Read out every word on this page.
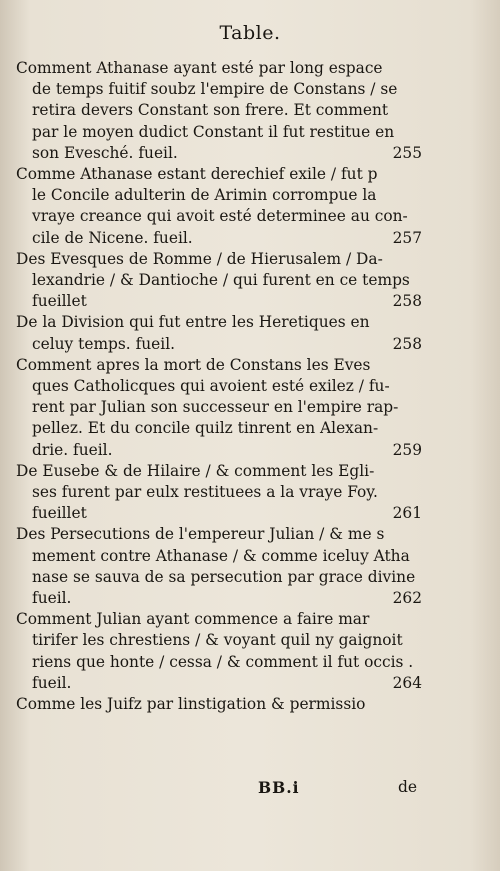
Table.
Comment Athanase ayant esté par long espace
de temps fuitif soubz l'empire de Constans / se
retira devers Constant son frere. Et comment
par le moyen dudict Constant il fut restitue en
255
son Evesché. fueil.
Comme Athanase estant derechief exile / fut p
le Concile adulterin de Arimin corrompue la
vraye creance qui avoit esté determinee au con-
257
cile de Nicene. fueil.
Des Evesques de Romme / de Hierusalem / Da-
lexandrie / & Dantioche / qui furent en ce temps
258
fueillet
De la Division qui fut entre les Heretiques en
258
celuy temps. fueil.
Comment apres la mort de Constans les Eves
ques Catholicques qui avoient esté exilez / fu-
rent par Julian son successeur en l'empire rap-
pellez. Et du concile quilz tinrent en Alexan-
259
drie. fueil.
De Eusebe & de Hilaire / & comment les Egli-
ses furent par eulx restituees a la vraye Foy.
261
fueillet
Des Persecutions de l'empereur Julian / & me s
mement contre Athanase / & comme iceluy Atha
nase se sauva de sa persecution par grace divine
262
fueil.
Comment Julian ayant commence a faire mar
tirifer les chrestiens / & voyant quil ny gaignoit
riens que honte / cessa / & comment il fut occis .
264
fueil.
Comme les Juifz par linstigation & permissio
BB.i	de
